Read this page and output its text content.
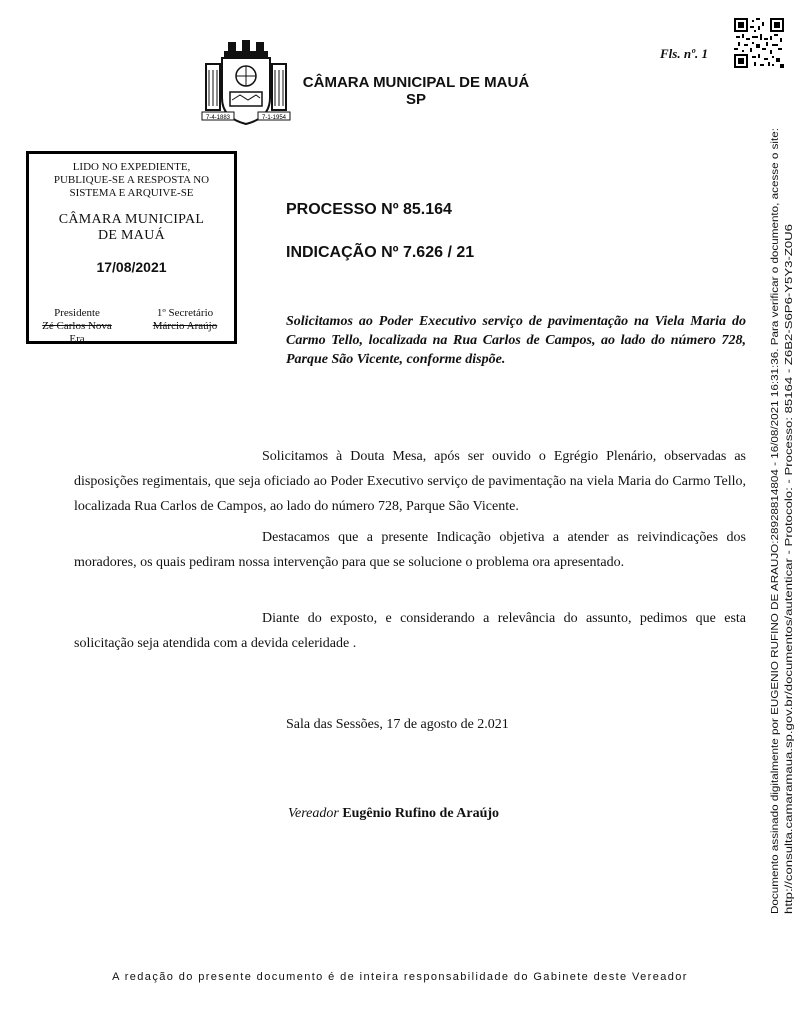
7-4-1883	7-1-1954
CÂMARA MUNICIPAL DE MAUÁ
SP
Fls. nº. 1
LIDO NO EXPEDIENTE,
PUBLIQUE-SE A RESPOSTA NO
SISTEMA E ARQUIVE-SE
CÂMARA MUNICIPAL
DE MAUÁ
17/08/2021
Presidente
Zé Carlos Nova
Era
1º Secretário
Márcio Araújo
PROCESSO Nº 85.164
INDICAÇÃO Nº 7.626 / 21
Solicitamos ao Poder Executivo serviço de pavimentação na Viela Maria do Carmo Tello, localizada na Rua Carlos de Campos, ao lado do número 728, Parque São Vicente, conforme dispõe.
Solicitamos à Douta Mesa, após ser ouvido o Egrégio Plenário, observadas as disposições regimentais, que seja oficiado ao Poder Executivo serviço de pavimentação na viela Maria do Carmo Tello, localizada Rua Carlos de Campos, ao lado do número 728, Parque São Vicente.
Destacamos que a presente Indicação objetiva a atender as reivindicações dos moradores, os quais pediram nossa intervenção para que se solucione o problema ora apresentado.
Diante do exposto, e considerando a relevância do assunto, pedimos que esta solicitação seja atendida com a devida celeridade .
Sala das Sessões, 17 de agosto de 2.021
Vereador Eugênio Rufino de Araújo
A redação do presente documento é de inteira responsabilidade do Gabinete deste Vereador
Documento assinado digitalmente por EUGENIO RUFINO DE ARAUJO:28928814804 - 16/08/2021 16:31:36. Para verificar o documento, acesse o site: http://consulta.camaramaua.sp.gov.br/documentos/autenticar - Protocolo: - Processo: 85164 - Z6B2-S6P6-Y5Y3-Z0U6
